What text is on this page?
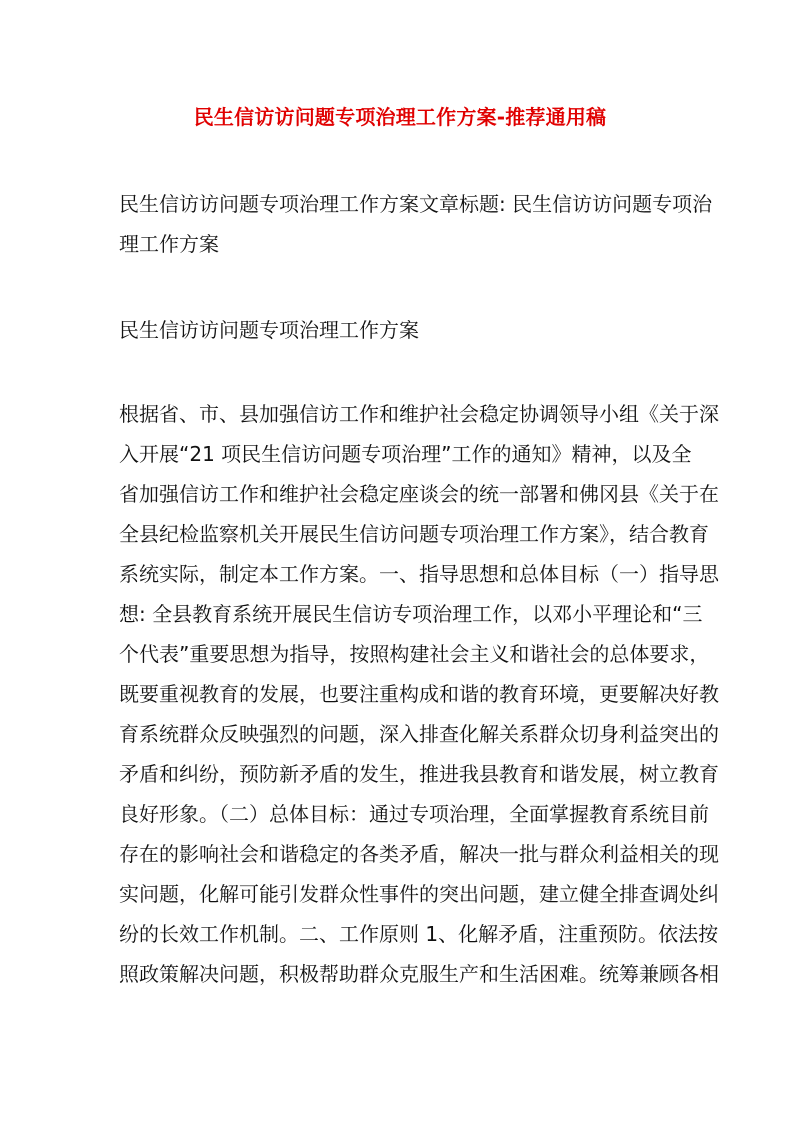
民生信访访问题专项治理工作方案-推荐通用稿
民生信访访问题专项治理工作方案文章标题: 民生信访访问题专项治
理工作方案
民生信访访问题专项治理工作方案
根据省、市、县加强信访工作和维护社会稳定协调领导小组《关于深
入开展“21 项民生信访问题专项治理”工作的通知》精神，以及全
省加强信访工作和维护社会稳定座谈会的统一部署和佛冈县《关于在
全县纪检监察机关开展民生信访问题专项治理工作方案》，结合教育
系统实际，制定本工作方案。一、指导思想和总体目标（一）指导思
想: 全县教育系统开展民生信访专项治理工作，以邓小平理论和“三
个代表”重要思想为指导，按照构建社会主义和谐社会的总体要求，
既要重视教育的发展，也要注重构成和谐的教育环境，更要解决好教
育系统群众反映强烈的问题，深入排查化解关系群众切身利益突出的
矛盾和纠纷，预防新矛盾的发生，推进我县教育和谐发展，树立教育
良好形象。（二）总体目标：通过专项治理，全面掌握教育系统目前
存在的影响社会和谐稳定的各类矛盾，解决一批与群众利益相关的现
实问题，化解可能引发群众性事件的突出问题，建立健全排查调处纠
纷的长效工作机制。二、工作原则 1、化解矛盾，注重预防。依法按
照政策解决问题，积极帮助群众克服生产和生活困难。统筹兼顾各相
